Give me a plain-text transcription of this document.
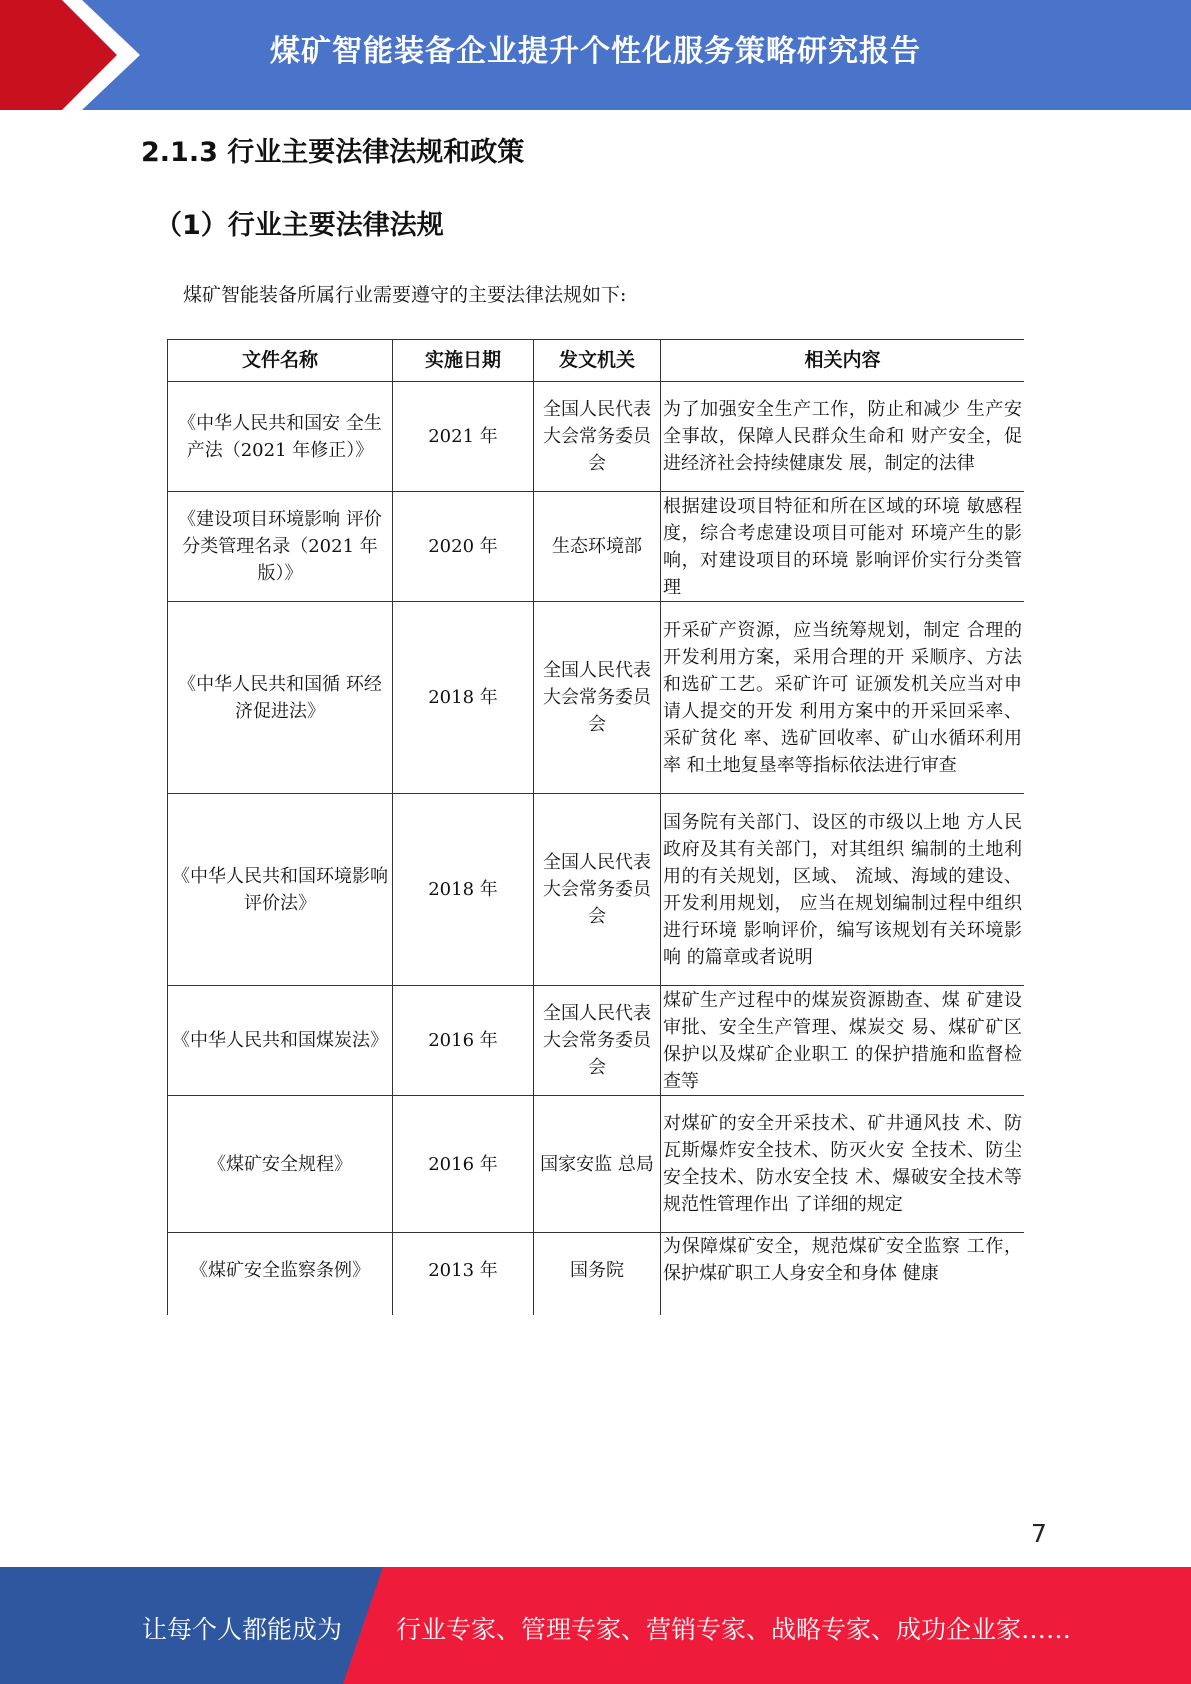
煤矿智能装备企业提升个性化服务策略研究报告
2.1.3 行业主要法律法规和政策
（1）行业主要法律法规
煤矿智能装备所属行业需要遵守的主要法律法规如下:
文件名称	实施日期	发文机关	相关内容
《中华人民共和国安 全生产法（2021 年修正）》	2021 年	全国人民代表大会常务委员会	为了加强安全生产工作，防止和减少 生产安全事故，保障人民群众生命和 财产安全，促进经济社会持续健康发 展，制定的法律
《建设项目环境影响 评价分类管理名录（2021 年版）》	2020 年	生态环境部	根据建设项目特征和所在区域的环境 敏感程度，综合考虑建设项目可能对 环境产生的影响，对建设项目的环境 影响评价实行分类管理
《中华人民共和国循 环经济促进法》	2018 年	全国人民代表大会常务委员会	开采矿产资源，应当统筹规划，制定 合理的开发利用方案，采用合理的开 采顺序、方法和选矿工艺。采矿许可 证颁发机关应当对申请人提交的开发 利用方案中的开采回采率、采矿贫化 率、选矿回收率、矿山水循环利用率 和土地复垦率等指标依法进行审查
《中华人民共和国环境影响评价法》	2018 年	全国人民代表大会常务委员会	国务院有关部门、设区的市级以上地 方人民政府及其有关部门，对其组织 编制的土地利用的有关规划，区域、 流域、海域的建设、开发利用规划， 应当在规划编制过程中组织进行环境 影响评价，编写该规划有关环境影响 的篇章或者说明
《中华人民共和国煤炭法》	2016 年	全国人民代表大会常务委员会	煤矿生产过程中的煤炭资源勘查、煤 矿建设审批、安全生产管理、煤炭交 易、煤矿矿区保护以及煤矿企业职工 的保护措施和监督检查等
《煤矿安全规程》	2016 年	国家安监 总局	对煤矿的安全开采技术、矿井通风技 术、防瓦斯爆炸安全技术、防灭火安 全技术、防尘安全技术、防水安全技 术、爆破安全技术等规范性管理作出 了详细的规定
《煤矿安全监察条例》	2013 年	国务院	为保障煤矿安全，规范煤矿安全监察 工作，保护煤矿职工人身安全和身体 健康
7
让每个人都能成为 行业专家、管理专家、营销专家、战略专家、成功企业家……
